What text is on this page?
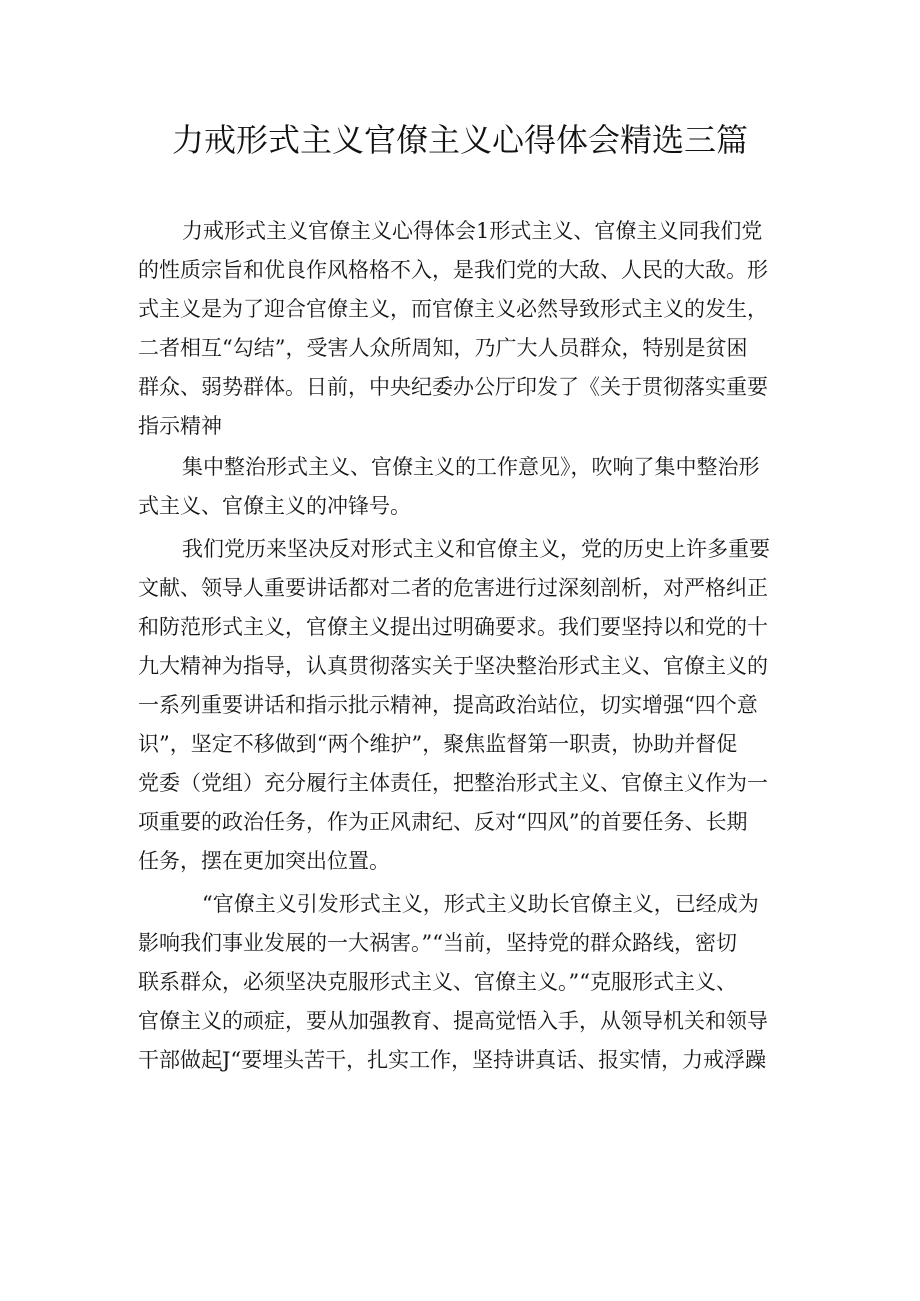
力戒形式主义官僚主义心得体会精选三篇
力戒形式主义官僚主义心得体会1形式主义、官僚主义同我们党
的性质宗旨和优良作风格格不入，是我们党的大敌、人民的大敌。形
式主义是为了迎合官僚主义，而官僚主义必然导致形式主义的发生，
二者相互“勾结”，受害人众所周知，乃广大人员群众，特别是贫困
群众、弱势群体。日前，中央纪委办公厅印发了《关于贯彻落实重要
指示精神
集中整治形式主义、官僚主义的工作意见》，吹响了集中整治形
式主义、官僚主义的冲锋号。
我们党历来坚决反对形式主义和官僚主义，党的历史上许多重要
文献、领导人重要讲话都对二者的危害进行过深刻剖析，对严格纠正
和防范形式主义，官僚主义提出过明确要求。我们要坚持以和党的十
九大精神为指导，认真贯彻落实关于坚决整治形式主义、官僚主义的
一系列重要讲话和指示批示精神，提高政治站位，切实增强“四个意
识”，坚定不移做到“两个维护”，聚焦监督第一职责，协助并督促
党委（党组）充分履行主体责任，把整治形式主义、官僚主义作为一
项重要的政治任务，作为正风肃纪、反对“四风”的首要任务、长期
任务，摆在更加突出位置。
“官僚主义引发形式主义，形式主义助长官僚主义，已经成为
影响我们事业发展的一大祸害。”“当前，坚持党的群众路线，密切
联系群众，必须坚决克服形式主义、官僚主义。”“克服形式主义、
官僚主义的顽症，要从加强教育、提高觉悟入手，从领导机关和领导
干部做起J“要埋头苦干，扎实工作，坚持讲真话、报实情，力戒浮躁
